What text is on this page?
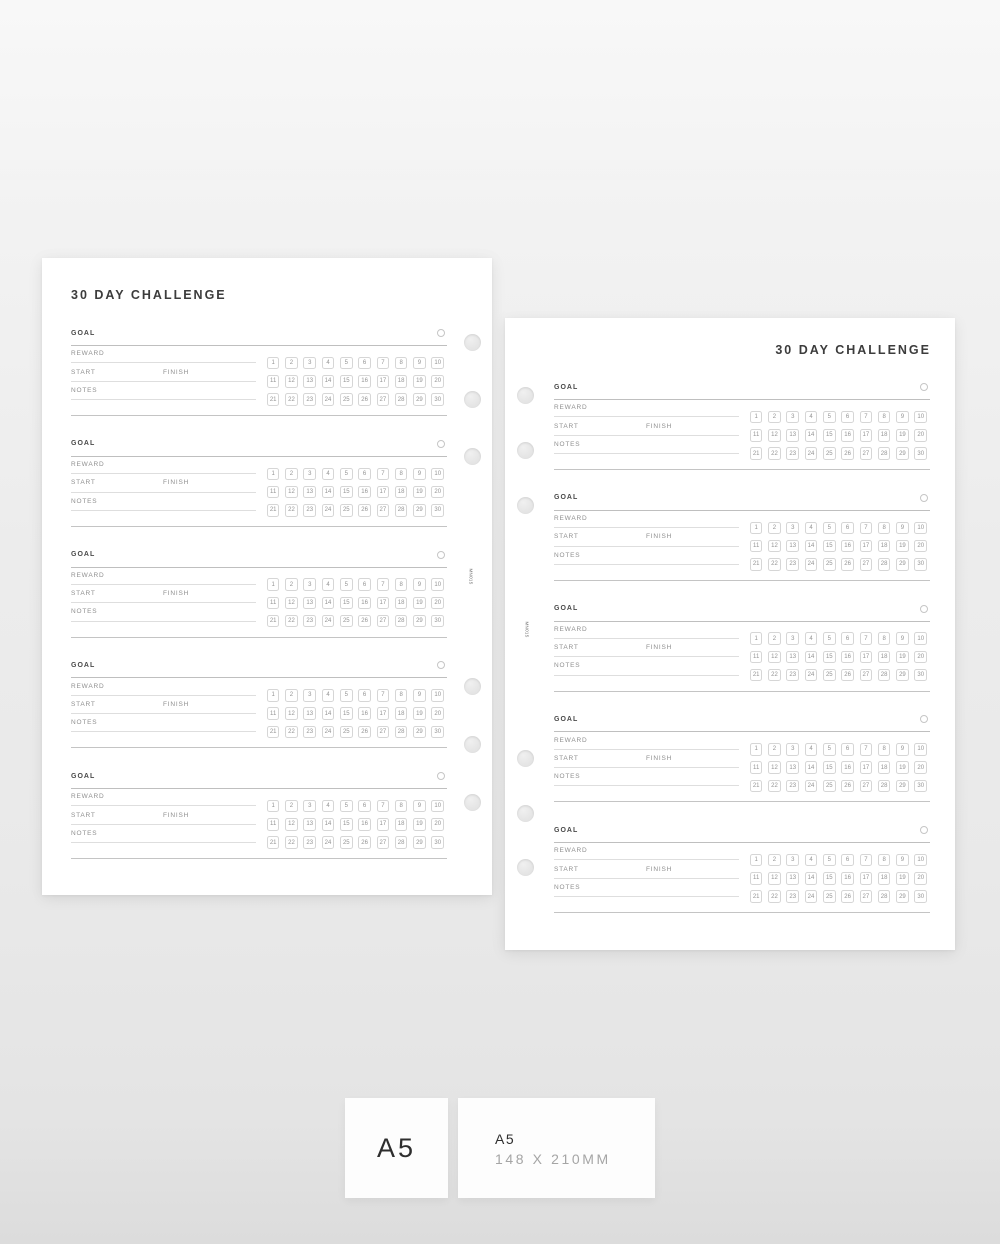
30 DAY CHALLENGE
GOAL
REWARD
START	FINISH
NOTES
1	2	3	4	5	6	7	8	9	10
11	12	13	14	15	16	17	18	19	20
21	22	23	24	25	26	27	28	29	30
GOAL
REWARD
START	FINISH
NOTES
1	2	3	4	5	6	7	8	9	10
11	12	13	14	15	16	17	18	19	20
21	22	23	24	25	26	27	28	29	30
GOAL
REWARD
START	FINISH
NOTES
1	2	3	4	5	6	7	8	9	10
11	12	13	14	15	16	17	18	19	20
21	22	23	24	25	26	27	28	29	30
GOAL
REWARD
START	FINISH
NOTES
1	2	3	4	5	6	7	8	9	10
11	12	13	14	15	16	17	18	19	20
21	22	23	24	25	26	27	28	29	30
GOAL
REWARD
START	FINISH
NOTES
1	2	3	4	5	6	7	8	9	10
11	12	13	14	15	16	17	18	19	20
21	22	23	24	25	26	27	28	29	30
MN015
30 DAY CHALLENGE
GOAL
REWARD
START	FINISH
NOTES
1	2	3	4	5	6	7	8	9	10
11	12	13	14	15	16	17	18	19	20
21	22	23	24	25	26	27	28	29	30
GOAL
REWARD
START	FINISH
NOTES
1	2	3	4	5	6	7	8	9	10
11	12	13	14	15	16	17	18	19	20
21	22	23	24	25	26	27	28	29	30
GOAL
REWARD
START	FINISH
NOTES
1	2	3	4	5	6	7	8	9	10
11	12	13	14	15	16	17	18	19	20
21	22	23	24	25	26	27	28	29	30
GOAL
REWARD
START	FINISH
NOTES
1	2	3	4	5	6	7	8	9	10
11	12	13	14	15	16	17	18	19	20
21	22	23	24	25	26	27	28	29	30
GOAL
REWARD
START	FINISH
NOTES
1	2	3	4	5	6	7	8	9	10
11	12	13	14	15	16	17	18	19	20
21	22	23	24	25	26	27	28	29	30
MN015
A5	A5
148 X 210MM
